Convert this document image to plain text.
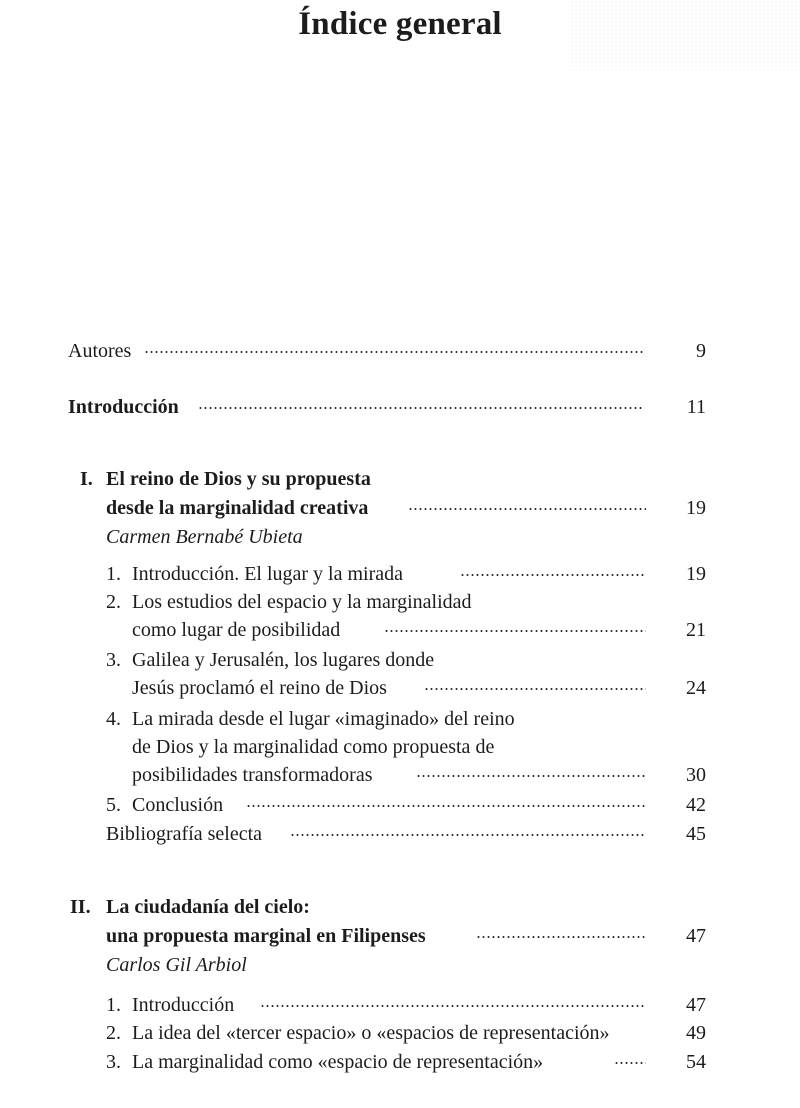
Índice general
Autores	9
Introducción	11
I. El reino de Dios y su propuesta
desde la marginalidad creativa	19
Carmen Bernabé Ubieta
1. Introducción. El lugar y la mirada	19
2. Los estudios del espacio y la marginalidad
como lugar de posibilidad	21
3. Galilea y Jerusalén, los lugares donde
Jesús proclamó el reino de Dios	24
4. La mirada desde el lugar «imaginado» del reino
de Dios y la marginalidad como propuesta de
posibilidades transformadoras	30
5. Conclusión	42
Bibliografía selecta	45
II. La ciudadanía del cielo:
una propuesta marginal en Filipenses	47
Carlos Gil Arbiol
1. Introducción	47
2. La idea del «tercer espacio» o «espacios de representación»	49
3. La marginalidad como «espacio de representación»	54
